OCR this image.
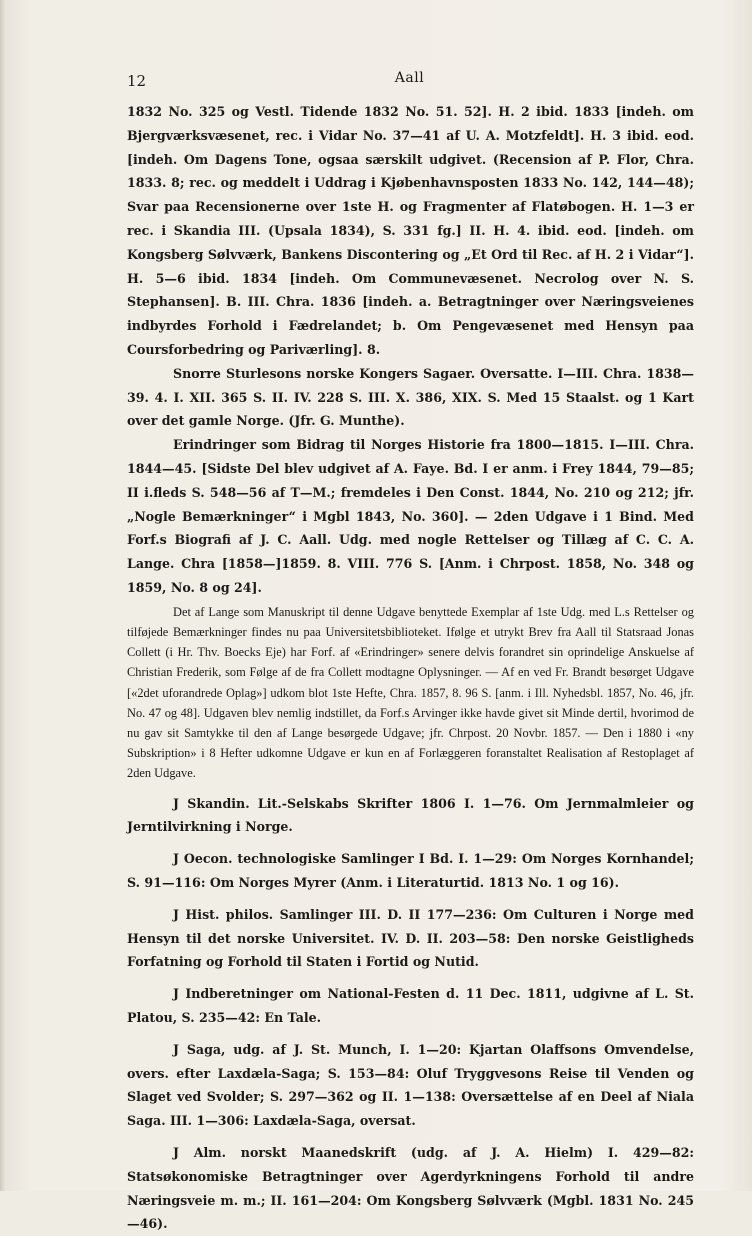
12	Aall

1832 No. 325 og Vestl. Tidende 1832 No. 51. 52]. H. 2 ibid. 1833 [indeh. om Bjergværksvæsenet, rec. i Vidar No. 37—41 af U. A. Motzfeldt]. H. 3 ibid. eod. [indeh. Om Dagens Tone, ogsaa særskilt udgivet. (Recension af P. Flor, Chra. 1833. 8; rec. og meddelt i Uddrag i Kjøbenhavnsposten 1833 No. 142, 144—48); Svar paa Recensionerne over 1ste H. og Fragmenter af Flatøbogen. H. 1—3 er rec. i Skandia III. (Upsala 1834), S. 331 fg.] II. H. 4. ibid. eod. [indeh. om Kongsberg Sølvværk, Bankens Discontering og „Et Ord til Rec. af H. 2 i Vidar“]. H. 5—6 ibid. 1834 [indeh. Om Communevæsenet. Necrolog over N. S. Stephansen]. B. III. Chra. 1836 [indeh. a. Betragtninger over Næringsveienes indbyrdes Forhold i Fædrelandet; b. Om Pengevæsenet med Hensyn paa Coursforbedring og Pariværling]. 8.

Snorre Sturlesons norske Kongers Sagaer. Oversatte. I—III. Chra. 1838—39. 4. I. XII. 365 S. II. IV. 228 S. III. X. 386, XIX. S. Med 15 Staalst. og 1 Kart over det gamle Norge. (Jfr. G. Munthe).

Erindringer som Bidrag til Norges Historie fra 1800—1815. I—III. Chra. 1844—45. [Sidste Del blev udgivet af A. Faye. Bd. I er anm. i Frey 1844, 79—85; II i.fleds S. 548—56 af T—M.; fremdeles i Den Const. 1844, No. 210 og 212; jfr. „Nogle Bemærkninger“ i Mgbl 1843, No. 360]. — 2den Udgave i 1 Bind. Med Forf.s Biografi af J. C. Aall. Udg. med nogle Rettelser og Tillæg af C. C. A. Lange. Chra [1858—]1859. 8. VIII. 776 S. [Anm. i Chrpost. 1858, No. 348 og 1859, No. 8 og 24].

Det af Lange som Manuskript til denne Udgave benyttede Exemplar af 1ste Udg. med L.s Rettelser og tilføjede Bemærkninger findes nu paa Universitetsbiblioteket. Ifølge et utrykt Brev fra Aall til Statsraad Jonas Collett (i Hr. Thv. Boecks Eje) har Forf. af «Erindringer» senere delvis forandret sin oprindelige Anskuelse af Christian Frederik, som Følge af de fra Collett modtagne Oplysninger. — Af en ved Fr. Brandt besørget Udgave [«2det uforandrede Oplag»] udkom blot 1ste Hefte, Chra. 1857, 8. 96 S. [anm. i Ill. Nyhedsbl. 1857, No. 46, jfr. No. 47 og 48]. Udgaven blev nemlig indstillet, da Forf.s Arvinger ikke havde givet sit Minde dertil, hvorimod de nu gav sit Samtykke til den af Lange besørgede Udgave; jfr. Chrpost. 20 Novbr. 1857. — Den i 1880 i «ny Subskription» i 8 Hefter udkomne Udgave er kun en af Forlæggeren foranstaltet Realisation af Restoplaget af 2den Udgave.

J Skandin. Lit.-Selskabs Skrifter 1806 I. 1—76. Om Jernmalmleier og Jerntilvirkning i Norge.

J Oecon. technologiske Samlinger I Bd. I. 1—29: Om Norges Kornhandel; S. 91—116: Om Norges Myrer (Anm. i Literaturtid. 1813 No. 1 og 16).

J Hist. philos. Samlinger III. D. II 177—236: Om Culturen i Norge med Hensyn til det norske Universitet. IV. D. II. 203—58: Den norske Geistligheds Forfatning og Forhold til Staten i Fortid og Nutid.

J Indberetninger om National-Festen d. 11 Dec. 1811, udgivne af L. St. Platou, S. 235—42: En Tale.

J Saga, udg. af J. St. Munch, I. 1—20: Kjartan Olaffsons Omvendelse, overs. efter Laxdæla-Saga; S. 153—84: Oluf Tryggvesons Reise til Venden og Slaget ved Svolder; S. 297—362 og II. 1—138: Oversættelse af en Deel af Niala Saga. III. 1—306: Laxdæla-Saga, oversat.

J Alm. norskt Maanedskrift (udg. af J. A. Hielm) I. 429—82: Statsøkonomiske Betragtninger over Agerdyrkningens Forhold til andre Næringsveie m. m.; II. 161—204: Om Kongsberg Sølvværk (Mgbl. 1831 No. 245—46).
